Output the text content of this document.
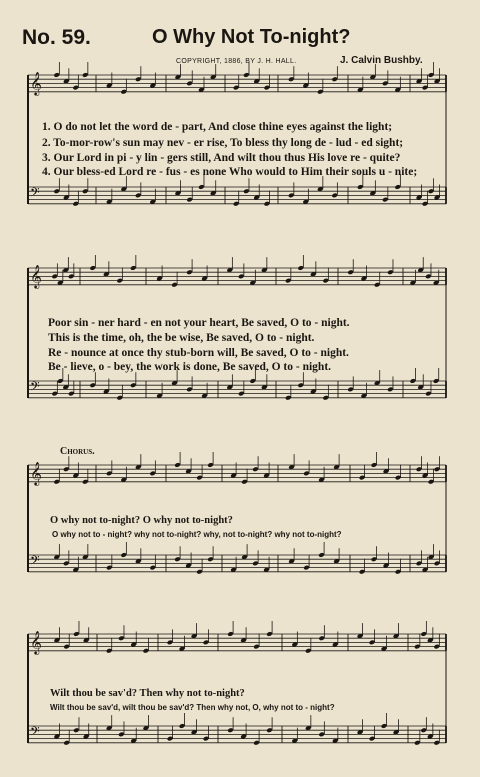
𝄞
𝄢
𝄞
𝄢
𝄞
𝄢
𝄞
𝄢
No. 59.	O Why Not To-night?
COPYRIGHT, 1886, BY J. H. HALL.	J. Calvin Bushby.
1. O do not let the word de - part, And close thine eyes against the light;
2. To-mor-row's sun may nev - er rise, To bless thy long de - lud - ed sight;
3. Our Lord in pi - y lin - gers still, And wilt thou thus His love re - quite?
4. Our bless-ed Lord re - fus - es none Who would to Him their souls u - nite;
Poor sin - ner hard - en not your heart, Be saved, O to - night.
This is the time, oh, the be wise, Be saved, O to - night.
Re - nounce at once thy stub-born will, Be saved, O to - night.
Be - lieve, o - bey, the work is done, Be saved, O to - night.
Chorus.
O why not to-night? O why not to-night?
O why not to - night? why not to-night? why, not to-night? why not to-night?
Wilt thou be sav'd? Then why not to-night?
Wilt thou be sav'd, wilt thou be sav'd? Then why not, O, why not to - night?
